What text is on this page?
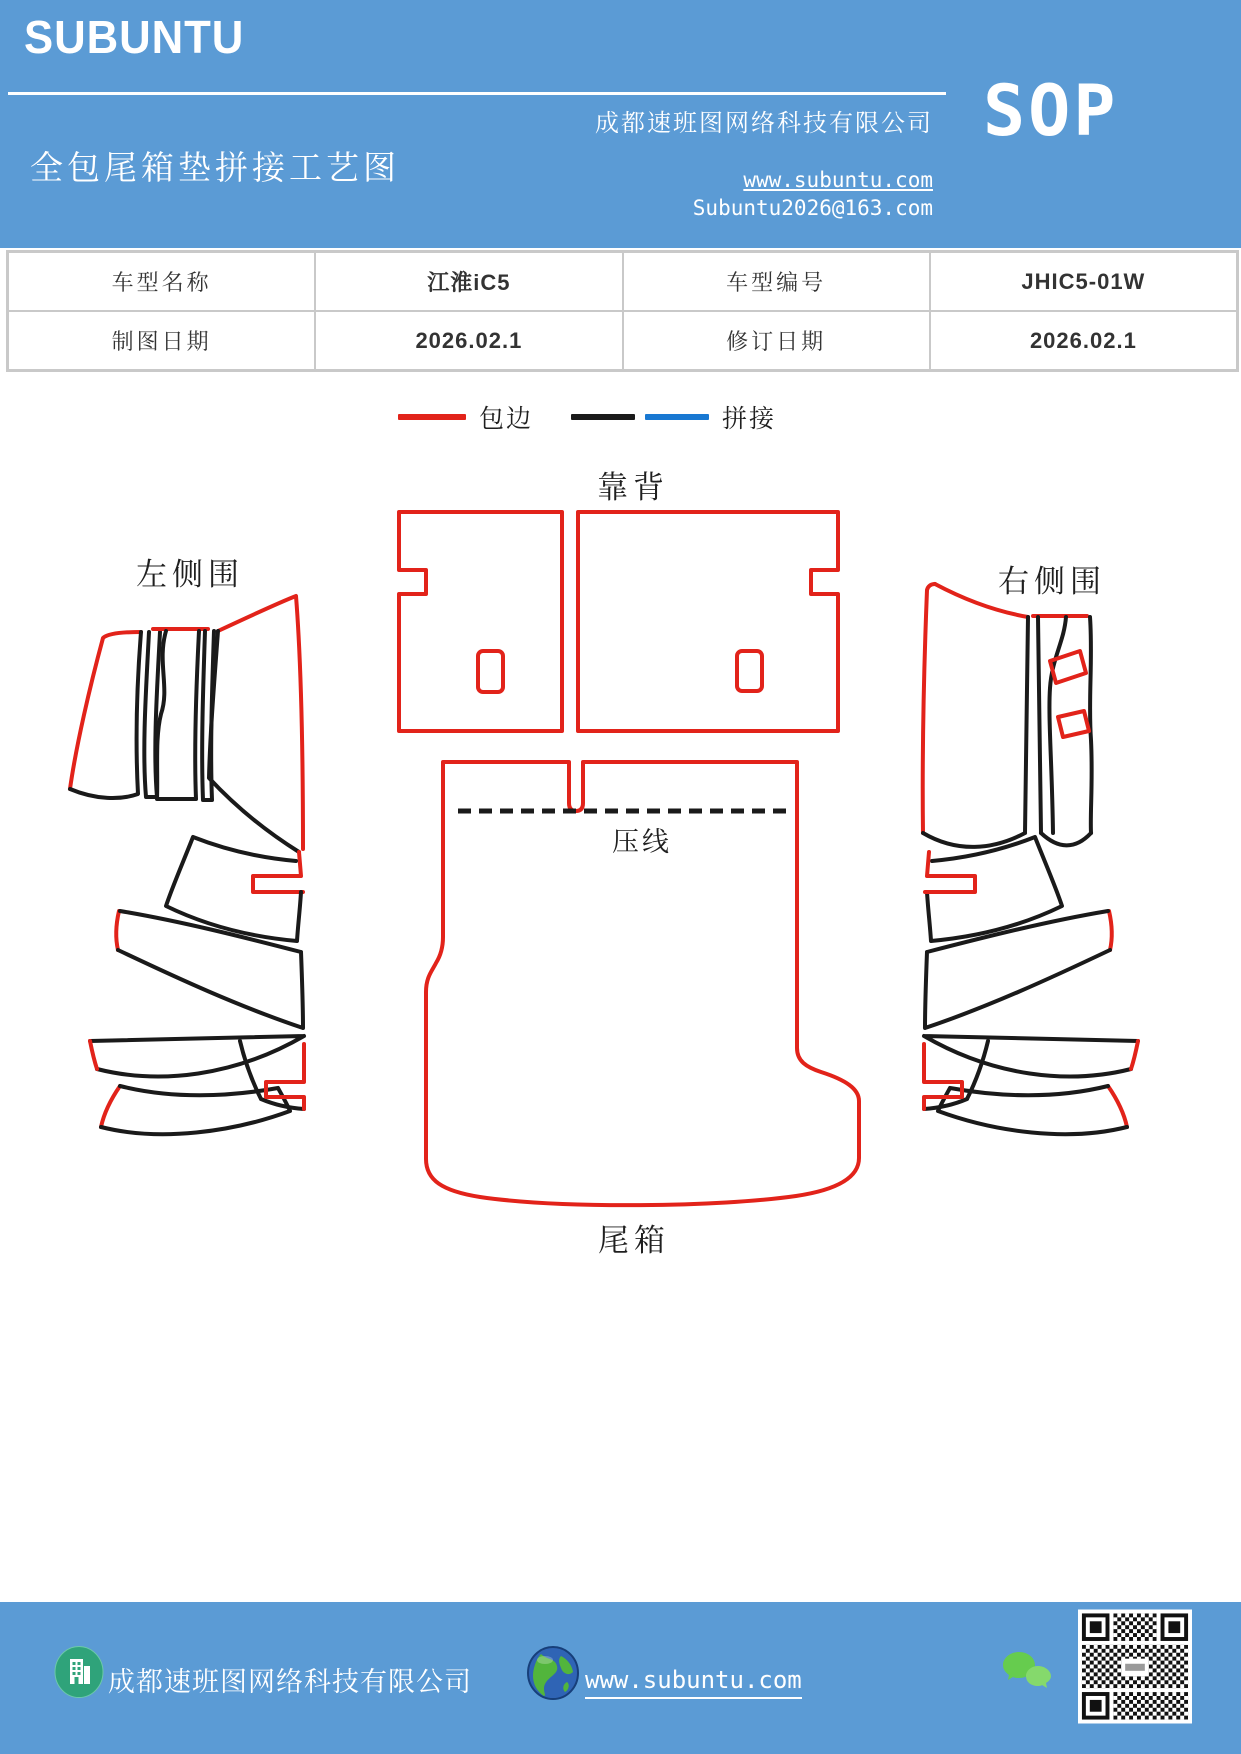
SUBUNTU
成都速班图网络科技有限公司
全包尾箱垫拼接工艺图	www.subuntu.com
Subuntu2026@163.com
SOP
车型名称	江淮iC5	车型编号	JHIC5-01W
制图日期	2026.02.1	修订日期	2026.02.1
包边	拼接
靠背
左侧围	右侧围
压线
尾箱
成都速班图网络科技有限公司	www.subuntu.com
